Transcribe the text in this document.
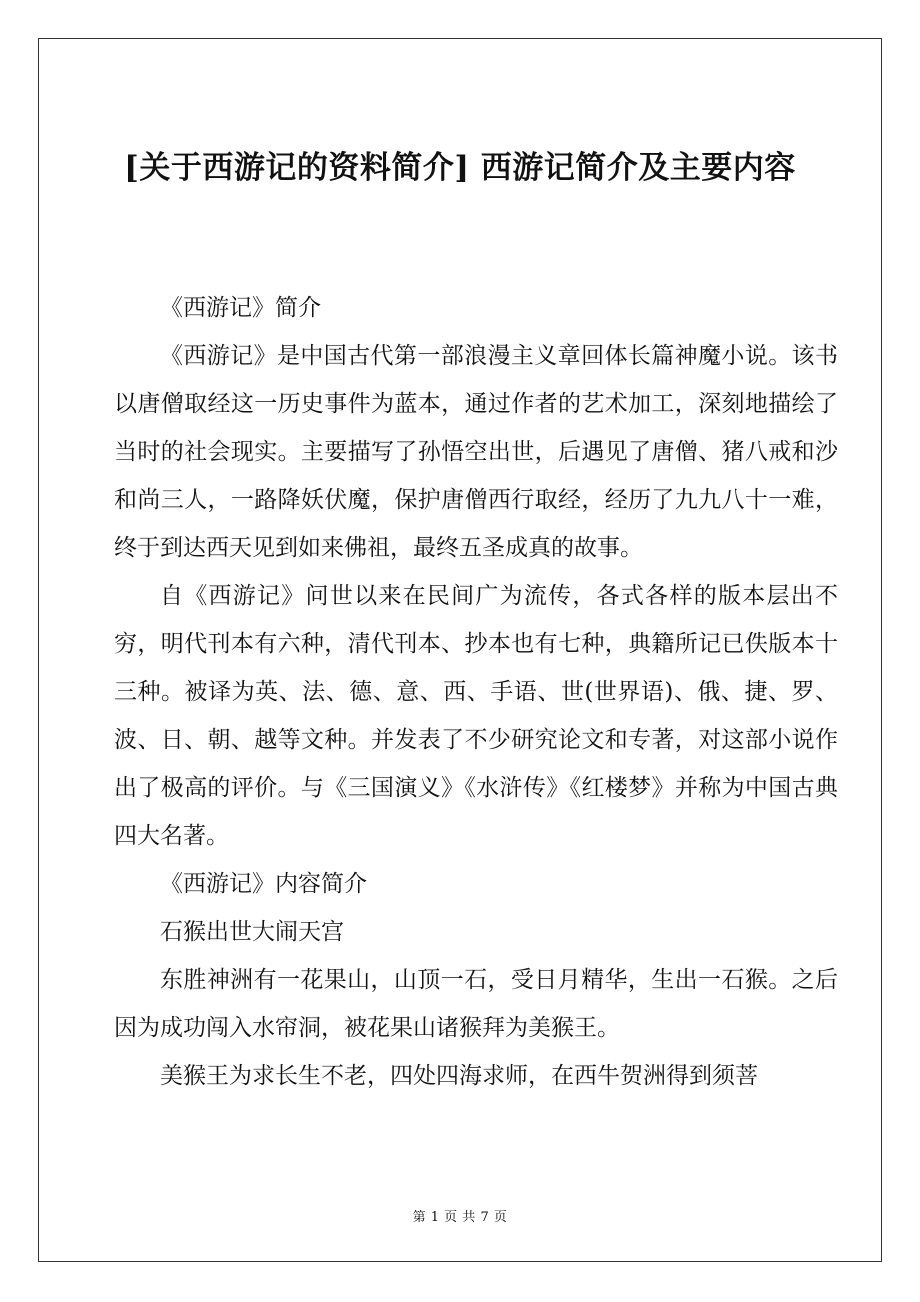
[关于西游记的资料简介] 西游记简介及主要内容

《西游记》简介

《西游记》是中国古代第一部浪漫主义章回体长篇神魔小说。该书以唐僧取经这一历史事件为蓝本，通过作者的艺术加工，深刻地描绘了当时的社会现实。主要描写了孙悟空出世，后遇见了唐僧、猪八戒和沙和尚三人，一路降妖伏魔，保护唐僧西行取经，经历了九九八十一难，终于到达西天见到如来佛祖，最终五圣成真的故事。

自《西游记》问世以来在民间广为流传，各式各样的版本层出不穷，明代刊本有六种，清代刊本、抄本也有七种，典籍所记已佚版本十三种。被译为英、法、德、意、西、手语、世(世界语)、俄、捷、罗、波、日、朝、越等文种。并发表了不少研究论文和专著，对这部小说作出了极高的评价。与《三国演义》《水浒传》《红楼梦》并称为中国古典四大名著。

《西游记》内容简介

石猴出世大闹天宫

东胜神洲有一花果山，山顶一石，受日月精华，生出一石猴。之后因为成功闯入水帘洞，被花果山诸猴拜为美猴王。

美猴王为求长生不老，四处四海求师，在西牛贺洲得到须菩

第 1 页 共 7 页
